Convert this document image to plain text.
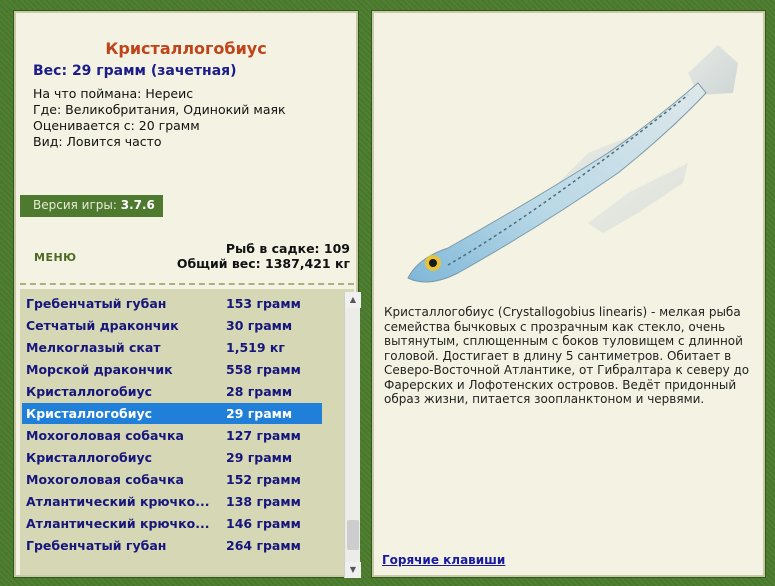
Кристаллогобиус
Вес: 29 грамм (зачетная)
На что поймана: Нереис
Где: Великобритания, Одинокий маяк
Оценивается с: 20 грамм
Вид: Ловится часто
Версия игры: 3.7.6
МЕНЮ
Рыб в садке: 109
Общий вес: 1387,421 кг
Гребенчатый губан	264 грамм
Атлантический крючко... 146 грамм
Атлантический крючко... 138 грамм
Мохоголовая собачка	152 грамм
Кристаллогобиус	29 грамм
Мохоголовая собачка	127 грамм
Кристаллогобиус	29 грамм
Кристаллогобиус	28 грамм
Морской дракончик	558 грамм
Мелкоглазый скат	1,519 кг
Сетчатый дракончик	30 грамм
Гребенчатый губан	153 грамм	▲
▼
Кристаллогобиус (Crystallogobius linearis) - мелкая рыба семейства бычковых с прозрачным как стекло, очень вытянутым, сплющенным с боков туловищем с длинной головой. Достигает в длину 5 сантиметров. Обитает в Северо-Восточной Атлантике, от Гибралтара к северу до Фарерских и Лофотенских островов. Ведёт придонный образ жизни, питается зоопланктоном и червями.
Горячие клавиши
